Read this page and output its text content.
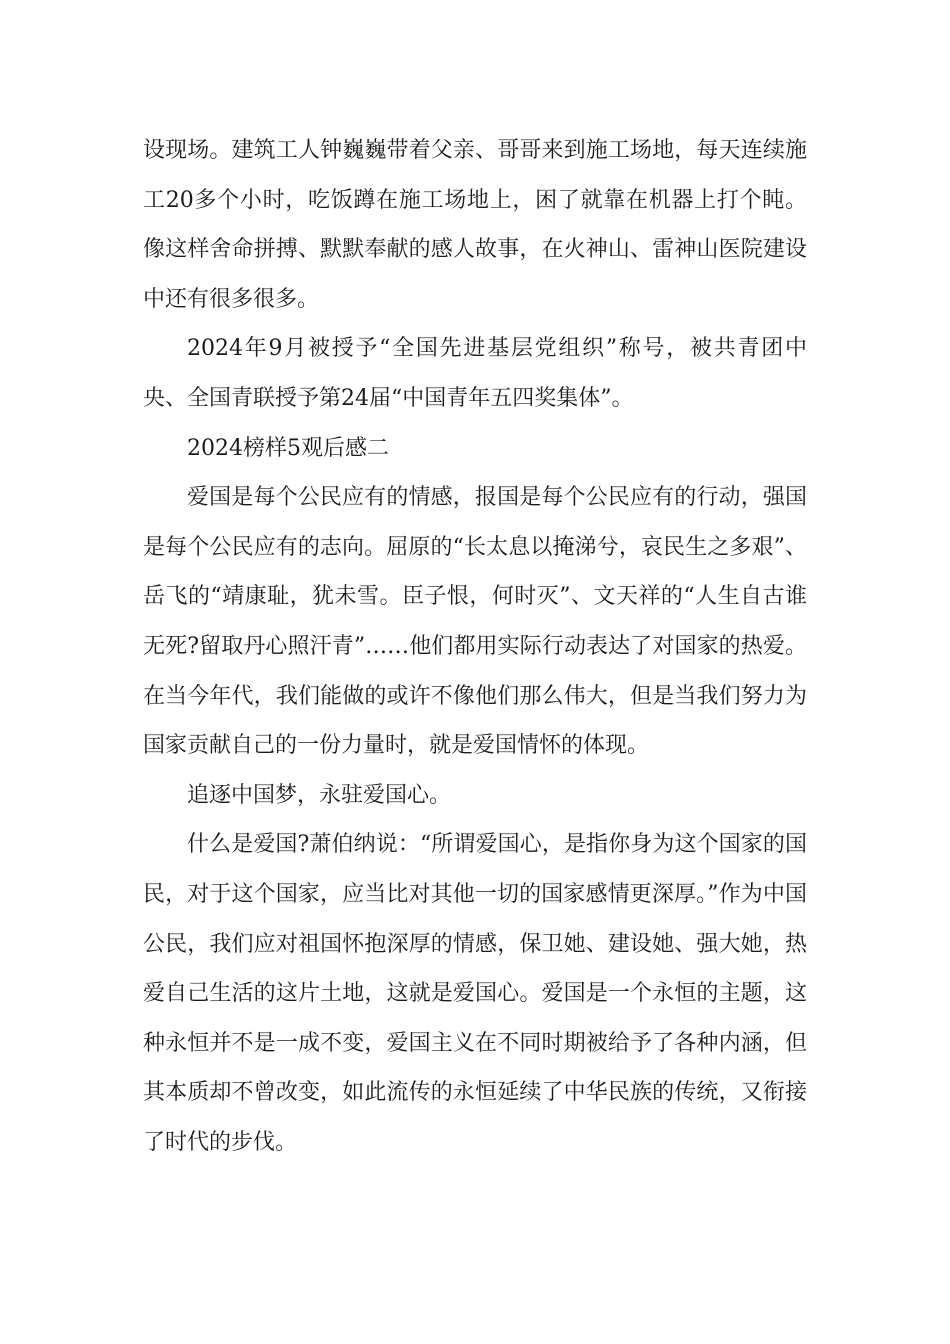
设现场。建筑工人钟巍巍带着父亲、哥哥来到施工场地，每天连续施工20多个小时，吃饭蹲在施工场地上，困了就靠在机器上打个盹。像这样舍命拼搏、默默奉献的感人故事，在火神山、雷神山医院建设中还有很多很多。

2024年9月被授予“全国先进基层党组织”称号，被共青团中央、全国青联授予第24届“中国青年五四奖集体”。

2024榜样5观后感二

爱国是每个公民应有的情感，报国是每个公民应有的行动，强国是每个公民应有的志向。屈原的“长太息以掩涕兮，哀民生之多艰”、岳飞的“靖康耻，犹未雪。臣子恨，何时灭”、文天祥的“人生自古谁无死?留取丹心照汗青”……他们都用实际行动表达了对国家的热爱。在当今年代，我们能做的或许不像他们那么伟大，但是当我们努力为国家贡献自己的一份力量时，就是爱国情怀的体现。

追逐中国梦，永驻爱国心。

什么是爱国?萧伯纳说：“所谓爱国心，是指你身为这个国家的国民，对于这个国家，应当比对其他一切的国家感情更深厚。”作为中国公民，我们应对祖国怀抱深厚的情感，保卫她、建设她、强大她，热爱自己生活的这片土地，这就是爱国心。爱国是一个永恒的主题，这种永恒并不是一成不变，爱国主义在不同时期被给予了各种内涵，但其本质却不曾改变，如此流传的永恒延续了中华民族的传统，又衔接了时代的步伐。
